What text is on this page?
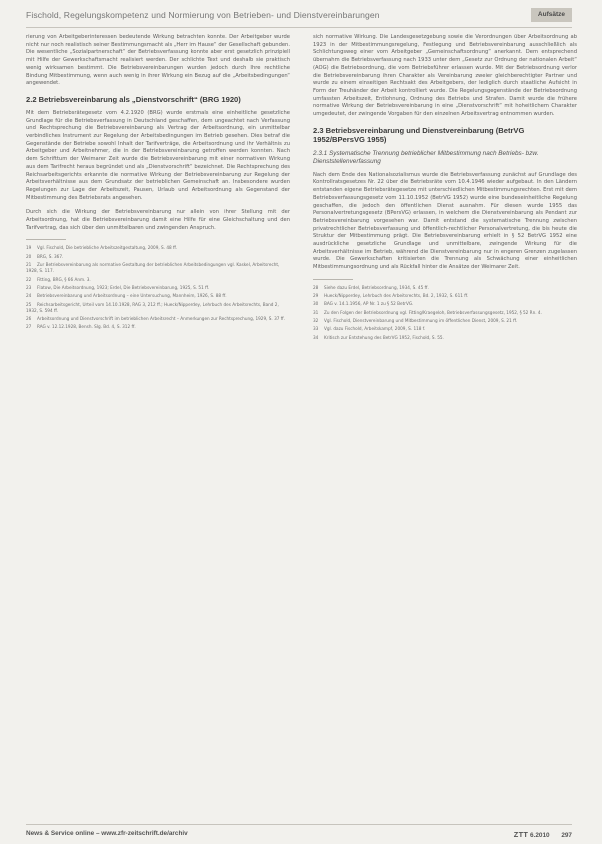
Fischold, Regelungskompetenz und Normierung von Betrieben- und Dienstvereinbarungen	Aufsätze

rierung von Arbeitgeberinteressen bedeutende Wirkung betrachten konnte. Der Arbeitgeber wurde nicht nur noch realistisch seiner Bestimmungsmacht als „Herr im Hause“ der Gesellschaft gebunden. Die wesentliche „Sozialpartnerschaft“ der Betriebsverfassung konnte aber erst gesetzlich prinzipiell mit Hilfe der Gewerkschaftsmacht realisiert werden. Der schlichte Text und deshalb sie praktisch wenig wirksamen bestimmt. Die Betriebsvereinbarungen wurden jedoch durch Ihre rechtliche Bindung Mitbestimmung, wenn auch wenig in ihrer Wirkung ein Bezug auf die „Arbeitsbedingungen“ angewendet.

2.2 Betriebsvereinbarung als „Dienstvorschrift“ (BRG 1920)

Mit dem Betriebsrätegesetz vom 4.2.1920 (BRG) wurde erstmals eine einheitliche gesetzliche Grundlage für die Betriebsverfassung in Deutschland geschaffen, dem ungeachtet nach Verfassung und Rechtsprechung die Betriebsvereinbarung als Vertrag der Arbeitsordnung, ein unmittelbar verbindliches Instrument zur Regelung der Arbeitsbedingungen im Betrieb gesehen. Dies betraf die Gegenstände der Betriebe sowohl Inhalt der Tarifverträge, die Arbeitsordnung und ihr Verhältnis zu Arbeitgeber und Arbeitnehmer, die in der Betriebsvereinbarung getroffen werden konnten. Nach dem Schrifttum der Weimarer Zeit wurde die Betriebsvereinbarung mit einer normativen Wirkung aus dem Tarifrecht heraus begründet und als „Dienstvorschrift“ bezeichnet. Die Rechtsprechung des Reichsarbeitsgerichts erkannte die normative Wirkung der Betriebsvereinbarung zur Regelung der Arbeitsverhältnisse aus dem Grundsatz der betrieblichen Gemeinschaft an. Insbesondere wurden Regelungen zur Lage der Arbeitszeit, Pausen, Urlaub und Arbeitsordnung als Gegenstand der Mitbestimmung des Betriebsrats angesehen.

Durch sich die Wirkung der Betriebsvereinbarung nur allein von ihrer Stellung mit der Arbeitsordnung, hat die Betriebsvereinbarung damit eine Hilfe für eine Gleichschaltung und den Tarifvertrag, das sich über den unmittelbaren und zwingenden Anspruch.

19 Vgl. Fischold, Die betriebliche Arbeitszeitgestaltung, 2009, S. 48 ff.
20 BRG, S. 367.
21 Zur Betriebsvereinbarung als normative Gestaltung der betrieblichen Arbeitsbedingungen vgl. Kaskel, Arbeitsrecht, 1928, S. 117.
22 Fitting, BRG, § 66 Anm. 3.
23 Flatow, Die Arbeitsordnung, 1923; Erdel, Die Betriebsvereinbarung, 1925, S. 51 ff.
24 Betriebsvereinbarung und Arbeitsordnung – eine Untersuchung, Mannheim, 1926, S. 88 ff.
25 Reichsarbeitsgericht, Urteil vom 14.10.1928, RAG 3, 212 ff.; Hueck/Nipperdey, Lehrbuch des Arbeitsrechts, Band 2, 1932, S. 594 ff.
26 Arbeitsordnung und Dienstvorschrift im betrieblichen Arbeitsrecht – Anmerkungen zur Rechtsprechung, 1929, S. 37 ff.
27 RAG v. 12.12.1928, Bensh. Slg. Bd. 4, S. 312 ff.

sich normative Wirkung. Die Landesgesetzgebung sowie die Verordnungen über Arbeitsordnung ab 1923 in der Mitbestimmungsregelung, Festlegung und Betriebsvereinbarung ausschließlich als Schlichtungsweg einer vom Arbeitgeber „Gemeinschaftsordnung“ anerkannt. Dem entsprechend übernahm die Betriebsverfassung nach 1933 unter dem „Gesetz zur Ordnung der nationalen Arbeit“ (AOG) die Betriebsordnung, die vom Betriebsführer erlassen wurde. Mit der Betriebsordnung verlor die Betriebsvereinbarung ihren Charakter als Vereinbarung zweier gleichberechtigter Partner und wurde zu einem einseitigen Rechtsakt des Arbeitgebers, der lediglich durch staatliche Aufsicht in Form der Treuhänder der Arbeit kontrolliert wurde. Die Regelungsgegenstände der Betriebsordnung umfassten Arbeitszeit, Entlohnung, Ordnung des Betriebs und Strafen. Damit wurde die frühere normative Wirkung der Betriebsvereinbarung in eine „Dienstvorschrift“ mit hoheitlichem Charakter umgedeutet, der zwingende Vorgaben für den einzelnen Arbeitsvertrag entnommen wurden.

2.3 Betriebsvereinbarung und Dienstvereinbarung (BetrVG 1952/BPersVG 1955)
2.3.1 Systematische Trennung betrieblicher Mitbestimmung nach Betriebs- bzw. Dienststellenverfassung

Nach dem Ende des Nationalsozialismus wurde die Betriebsverfassung zunächst auf Grundlage des Kontrollratsgesetzes Nr. 22 über die Betriebsräte vom 10.4.1946 wieder aufgebaut. In den Ländern entstanden eigene Betriebsrätegesetze mit unterschiedlichen Mitbestimmungsrechten. Erst mit dem Betriebsverfassungsgesetz vom 11.10.1952 (BetrVG 1952) wurde eine bundeseinheitliche Regelung geschaffen, die jedoch den öffentlichen Dienst ausnahm. Für diesen wurde 1955 das Personalvertretungsgesetz (BPersVG) erlassen, in welchem die Dienstvereinbarung als Pendant zur Betriebsvereinbarung vorgesehen war. Damit entstand die systematische Trennung zwischen privatrechtlicher Betriebsverfassung und öffentlich-rechtlicher Personalvertretung, die bis heute die Struktur der Mitbestimmung prägt. Die Betriebsvereinbarung erhielt in § 52 BetrVG 1952 eine ausdrückliche gesetzliche Grundlage und unmittelbare, zwingende Wirkung für die Arbeitsverhältnisse im Betrieb, während die Dienstvereinbarung nur in engeren Grenzen zugelassen wurde. Die Gewerkschaften kritisierten die Trennung als Schwächung einer einheitlichen Mitbestimmungsordnung und als Rückfall hinter die Ansätze der Weimarer Zeit.

28 Siehe dazu Erdel, Betriebsordnung, 1934, S. 45 ff.
29 Hueck/Nipperdey, Lehrbuch des Arbeitsrechts, Bd. 2, 1932, S. 611 ff.
30 BAG v. 14.1.1956, AP Nr. 1 zu § 52 BetrVG.
31 Zu den Folgen der Betriebsordnung vgl. Fitting/Kraegeloh, Betriebsverfassungsgesetz, 1952, § 52 Rn. 4.
32 Vgl. Fischold, Dienstvereinbarung und Mitbestimmung im öffentlichen Dienst, 2009, S. 21 ff.
33 Vgl. dazu Fischold, Arbeitskampf, 2009, S. 118 f.
34 Kritisch zur Entstehung des BetrVG 1952, Fischold, S. 55.
News & Service online – www.zfr-zeitschrift.de/archiv	ZTT 6.2010 297
